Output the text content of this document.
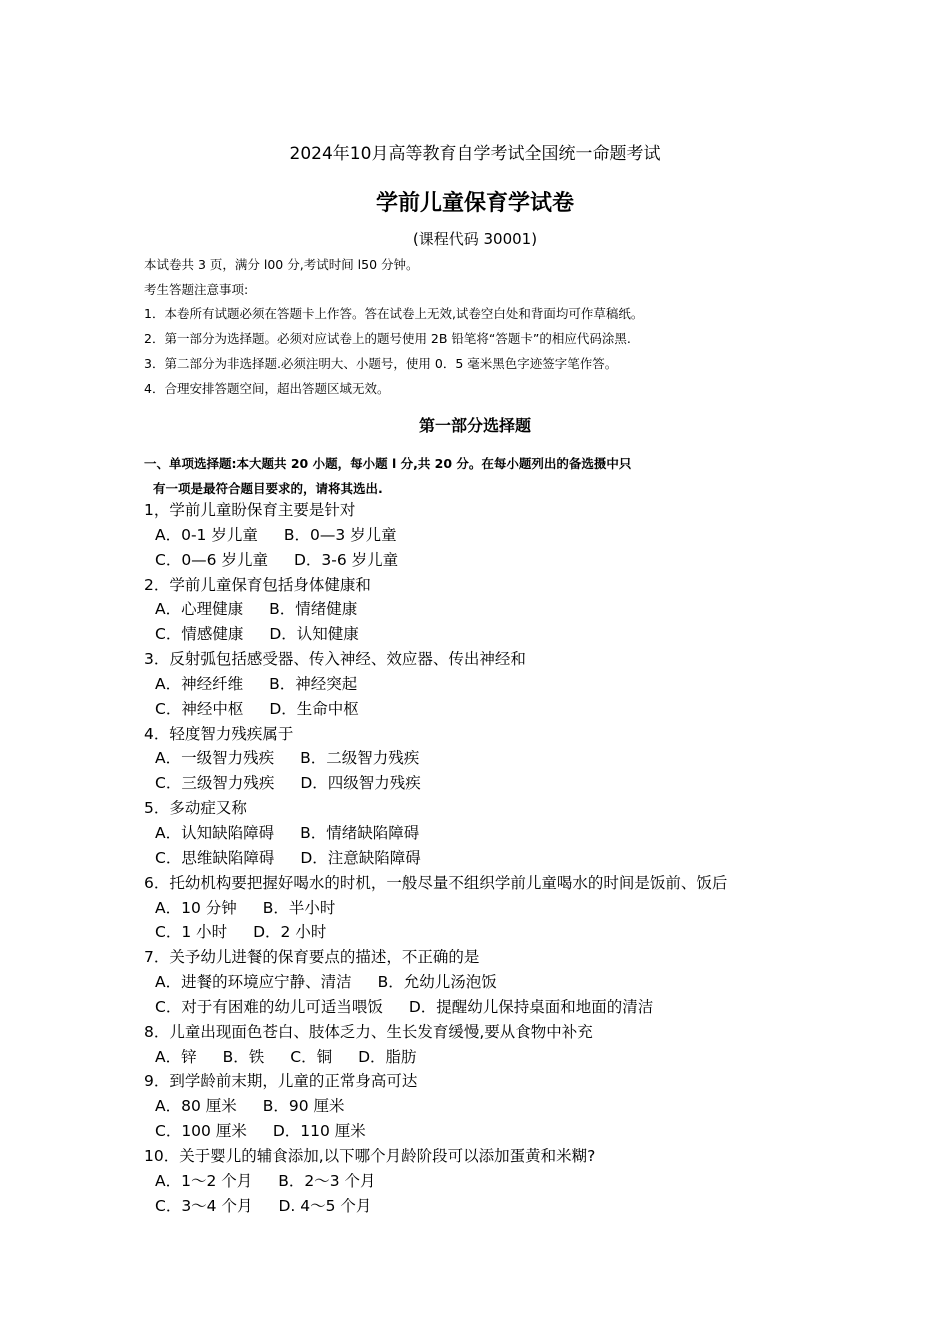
2024年10月高等教育自学考试全国统一命题考试
学前儿童保育学试卷
(课程代码 30001)
本试卷共 3 页，满分 l00 分,考试时间 l50 分钟。
考生答题注意事项:
1．本卷所有试题必须在答题卡上作答。答在试卷上无效,试卷空白处和背面均可作草稿纸。
2．第一部分为选择题。必须对应试卷上的题号使用 2B 铅笔将“答题卡”的相应代码涂黑.
3．第二部分为非选择题.必须注明大、小题号，使用 0．5 毫米黑色字迹签字笔作答。
4．合理安排答题空间，超出答题区域无效。
第一部分选择题
一、单项选择题:本大题共 20 小题，每小题 l 分,共 20 分。在每小题列出的备选摄中只
有一项是最符合题目要求的，请将其选出.
1，学前儿童盼保育主要是针对
A．0-1 岁儿童 B．0—3 岁儿童
C．0—6 岁儿童 D．3-6 岁儿童
2．学前儿童保育包括身体健康和
A．心理健康 B．情绪健康
C．情感健康 D．认知健康
3．反射弧包括感受器、传入神经、效应器、传出神经和
A．神经纤维 B．神经突起
C．神经中枢 D．生命中枢
4．轻度智力残疾属于
A．一级智力残疾 B．二级智力残疾
C．三级智力残疾 D．四级智力残疾
5．多动症又称
A．认知缺陷障碍 B．情绪缺陷障碍
C．思维缺陷障碍 D．注意缺陷障碍
6．托幼机构要把握好喝水的时机，一般尽量不组织学前儿童喝水的时间是饭前、饭后
A．10 分钟 B．半小时
C．1 小时 D．2 小时
7．关予幼儿进餐的保育要点的描述，不正确的是
A．进餐的环境应宁静、清洁 B．允幼儿汤泡饭
C．对于有困难的幼儿可适当喂饭 D．提醒幼儿保持桌面和地面的清洁
8．儿童出现面色苍白、肢体乏力、生长发育缓慢,要从食物中补充
A．锌 B．铁 C．铜 D．脂肪
9．到学龄前末期，儿童的正常身高可达
A．80 厘米 B．90 厘米
C．100 厘米 D．110 厘米
10．关于婴儿的辅食添加,以下哪个月龄阶段可以添加蛋黄和米糊?
A．1～2 个月 B．2～3 个月
C．3～4 个月 D. 4～5 个月
